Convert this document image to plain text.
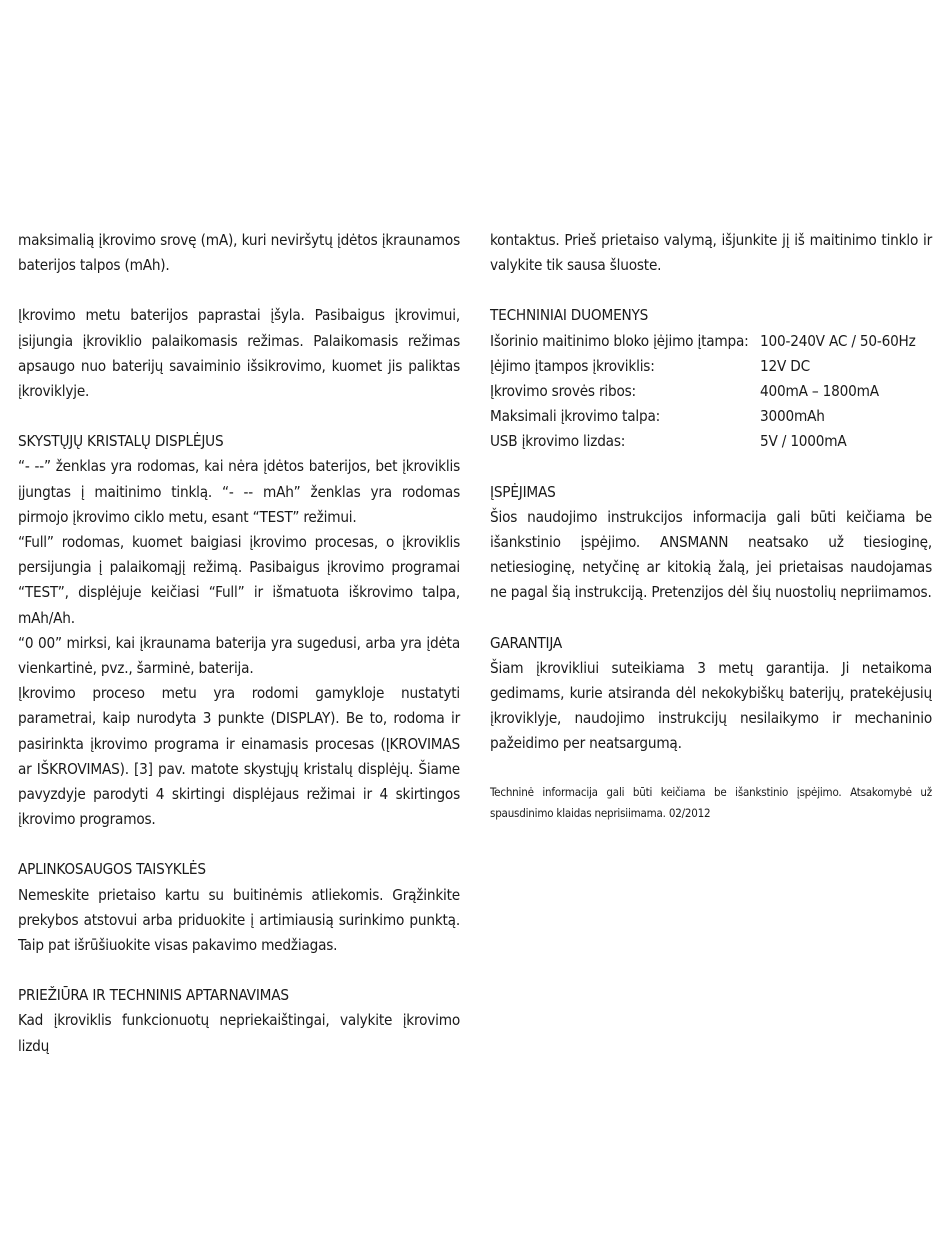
maksimalią įkrovimo srovę (mA), kuri neviršytų įdėtos įkraunamos baterijos talpos (mAh).

Įkrovimo metu baterijos paprastai įšyla. Pasibaigus įkrovimui, įsijungia įkroviklio palaikomasis režimas. Palaikomasis režimas apsaugo nuo baterijų savaiminio išsikrovimo, kuomet jis paliktas įkroviklyje.

SKYSTŲJŲ KRISTALŲ DISPLĖJUS

“- --” ženklas yra rodomas, kai nėra įdėtos baterijos, bet įkroviklis įjungtas į maitinimo tinklą. “- -- mAh” ženklas yra rodomas pirmojo įkrovimo ciklo metu, esant “TEST” režimui.

“Full” rodomas, kuomet baigiasi įkrovimo procesas, o įkroviklis persijungia į palaikomąjį režimą. Pasibaigus įkrovimo programai “TEST”, displėjuje keičiasi “Full” ir išmatuota iškrovimo talpa, mAh/Ah.

“0 00” mirksi, kai įkraunama baterija yra sugedusi, arba yra įdėta vienkartinė, pvz., šarminė, baterija.

Įkrovimo proceso metu yra rodomi gamykloje nustatyti parametrai, kaip nurodyta 3 punkte (DISPLAY). Be to, rodoma ir pasirinkta įkrovimo programa ir einamasis procesas (ĮKROVIMAS ar IŠKROVIMAS). [3] pav. matote skystųjų kristalų displėjų. Šiame pavyzdyje parodyti 4 skirtingi displėjaus režimai ir 4 skirtingos įkrovimo programos.

APLINKOSAUGOS TAISYKLĖS

Nemeskite prietaiso kartu su buitinėmis atliekomis. Grąžinkite prekybos atstovui arba priduokite į artimiausią surinkimo punktą. Taip pat išrūšiuokite visas pakavimo medžiagas.

PRIEŽIŪRA IR TECHNINIS APTARNAVIMAS

Kad įkroviklis funkcionuotų nepriekaištingai, valykite įkrovimo lizdų

kontaktus. Prieš prietaiso valymą, išjunkite jį iš maitinimo tinklo ir valykite tik sausa šluoste.

TECHNINIAI DUOMENYS

Išorinio maitinimo bloko įėjimo įtampa: 100-240V AC / 50-60Hz
Įėjimo įtampos įkroviklis:	12V DC
Įkrovimo srovės ribos:	400mA – 1800mA
Maksimali įkrovimo talpa:	3000mAh
USB įkrovimo lizdas:	5V / 1000mA

ĮSPĖJIMAS

Šios naudojimo instrukcijos informacija gali būti keičiama be išankstinio įspėjimo. ANSMANN neatsako už tiesioginę, netiesioginę, netyčinę ar kitokią žalą, jei prietaisas naudojamas ne pagal šią instrukciją. Pretenzijos dėl šių nuostolių nepriimamos.

GARANTIJA

Šiam įkrovikliui suteikiama 3 metų garantija. Ji netaikoma gedimams, kurie atsiranda dėl nekokybiškų baterijų, pratekėjusių įkroviklyje, naudojimo instrukcijų nesilaikymo ir mechaninio pažeidimo per neatsargumą.

Techninė informacija gali būti keičiama be išankstinio įspėjimo. Atsakomybė už spausdinimo klaidas neprisiimama. 02/2012
